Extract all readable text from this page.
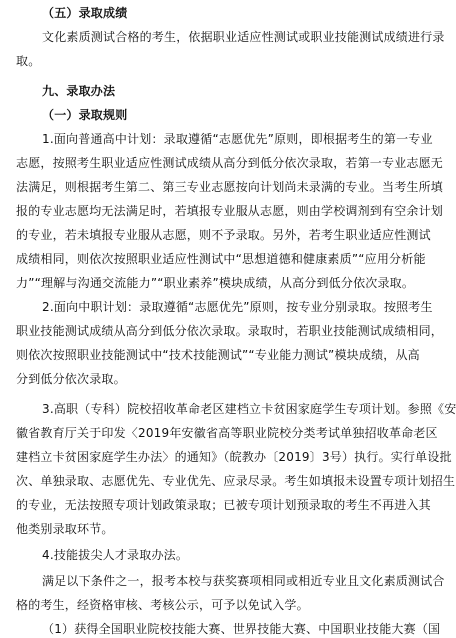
（五）录取成绩
文化素质测试合格的考生，依据职业适应性测试或职业技能测试成绩进行录
取。
九、录取办法
（一）录取规则
1.面向普通高中计划：录取遵循“志愿优先”原则，即根据考生的第一专业
志愿，按照考生职业适应性测试成绩从高分到低分依次录取，若第一专业志愿无
法满足，则根据考生第二、第三专业志愿按向计划尚未录满的专业。当考生所填
报的专业志愿均无法满足时，若填报专业服从志愿，则由学校调剂到有空余计划
的专业，若未填报专业服从志愿，则不予录取。另外，若考生职业适应性测试
成绩相同，则依次按照职业适应性测试中“思想道德和健康素质”“应用分析能
力”“理解与沟通交流能力”“职业素养”模块成绩，从高分到低分依次录取。
2.面向中职计划：录取遵循“志愿优先”原则，按专业分别录取。按照考生
职业技能测试成绩从高分到低分依次录取。录取时，若职业技能测试成绩相同，
则依次按照职业技能测试中“技术技能测试”“专业能力测试”模块成绩，从高
分到低分依次录取。
3.高职（专科）院校招收革命老区建档立卡贫困家庭学生专项计划。参照《安
徽省教育厅关于印发〈2019年安徽省高等职业院校分类考试单独招收革命老区
建档立卡贫困家庭学生办法〉的通知》（皖教办〔2019〕3号）执行。实行单设批
次、单独录取、志愿优先、专业优先、应录尽录。考生如填报未设置专项计划招生
的专业，无法按照专项计划政策录取；已被专项计划预录取的考生不再进入其
他类别录取环节。
4.技能拔尖人才录取办法。
满足以下条件之一，报考本校与获奖赛项相同或相近专业且文化素质测试合
格的考生，经资格审核、考核公示，可予以免试入学。
（1）获得全国职业院校技能大赛、世界技能大赛、中国职业技能大赛（国
